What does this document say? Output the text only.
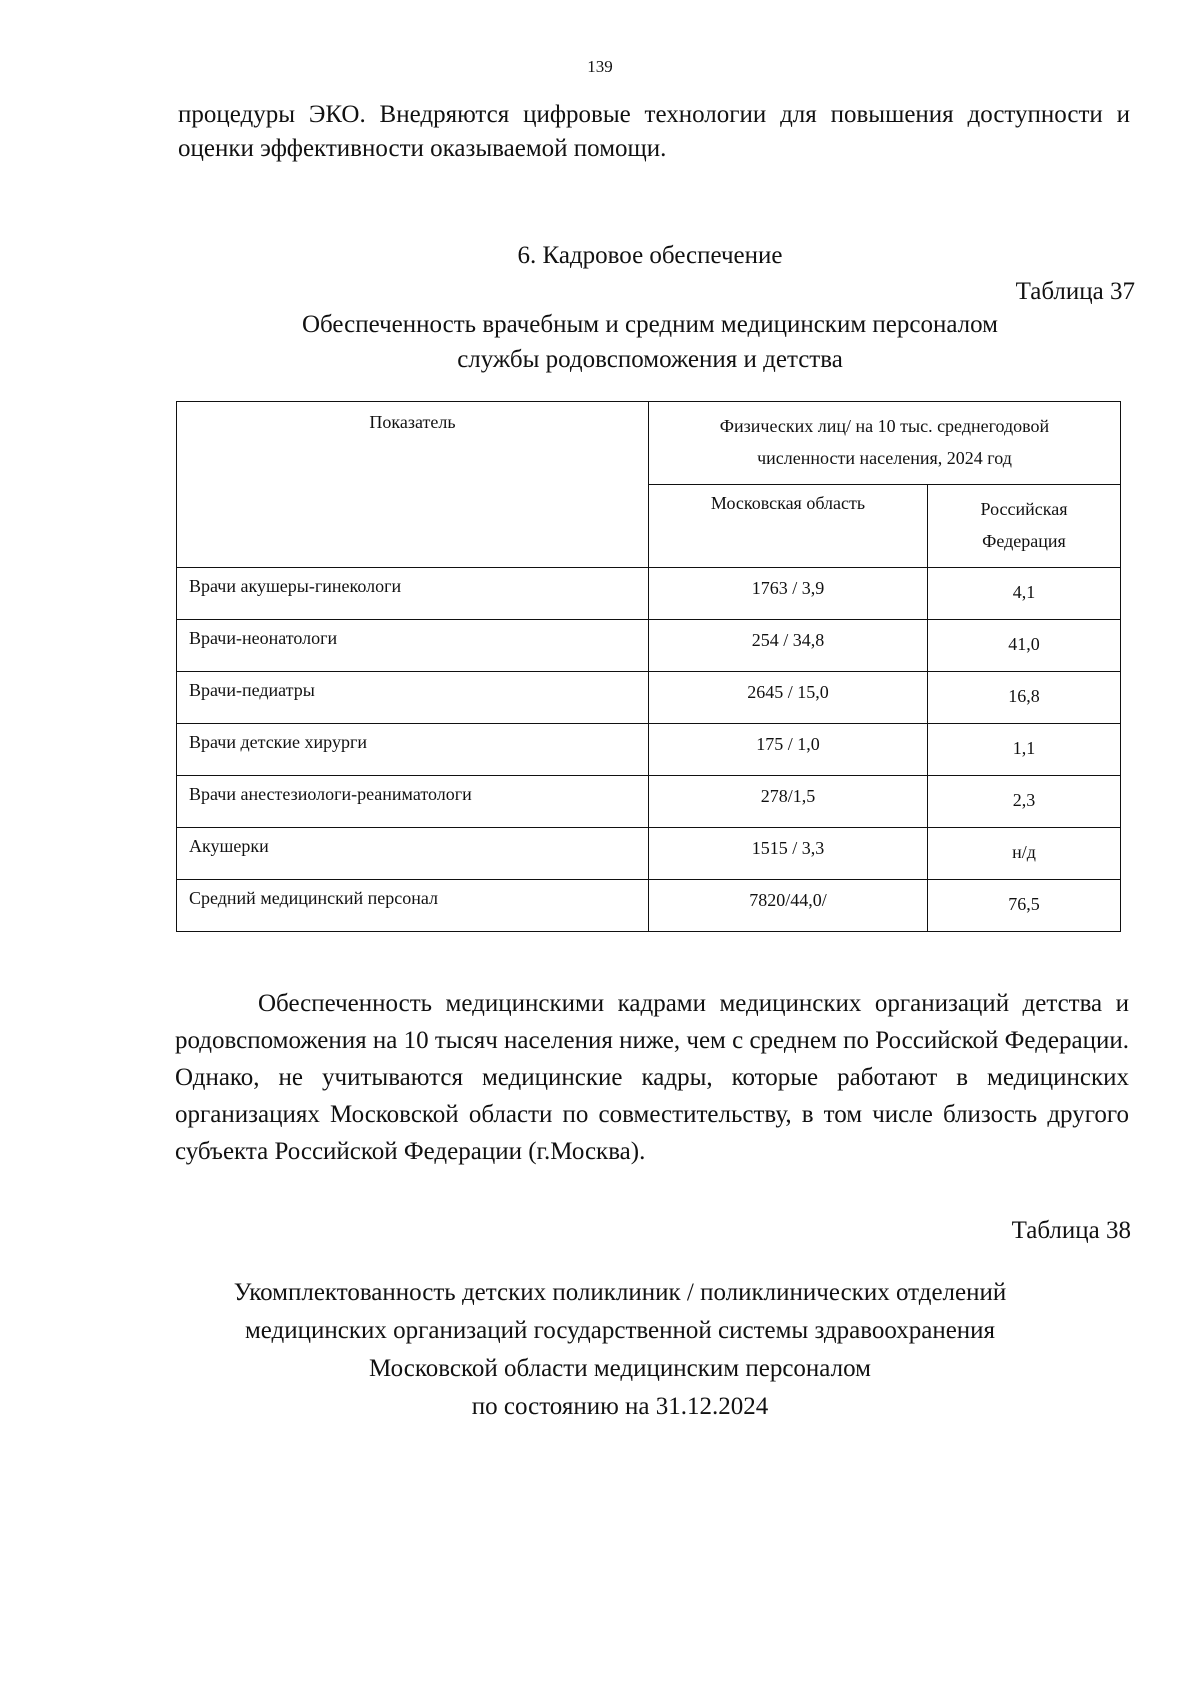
139
процедуры ЭКО. Внедряются цифровые технологии для повышения доступности и оценки эффективности оказываемой помощи.
6. Кадровое обеспечение
Таблица 37
Обеспеченность врачебным и средним медицинским персоналом
службы родовспоможения и детства
Показатель	Физических лиц/ на 10 тыс. среднегодовой
численности населения, 2024 год	

	Московская область	Российская
Федерация

Врачи акушеры-гинекологи	1763 / 3,9	4,1
Врачи-неонатологи	254 / 34,8	41,0
Врачи-педиатры	2645 / 15,0	16,8
Врачи детские хирурги	175 / 1,0	1,1
Врачи анестезиологи-реаниматологи	278/1,5	2,3
Акушерки	1515 / 3,3	н/д
Средний медицинский персонал	7820/44,0/	76,5
Обеспеченность медицинскими кадрами медицинских организаций детства и родовспоможения на 10 тысяч населения ниже, чем с среднем по Российской Федерации. Однако, не учитываются медицинские кадры, которые работают в медицинских организациях Московской области по совместительству, в том числе близость другого субъекта Российской Федерации (г.Москва).
Таблица 38
Укомплектованность детских поликлиник / поликлинических отделений
медицинских организаций государственной системы здравоохранения
Московской области медицинским персоналом
по состоянию на 31.12.2024
